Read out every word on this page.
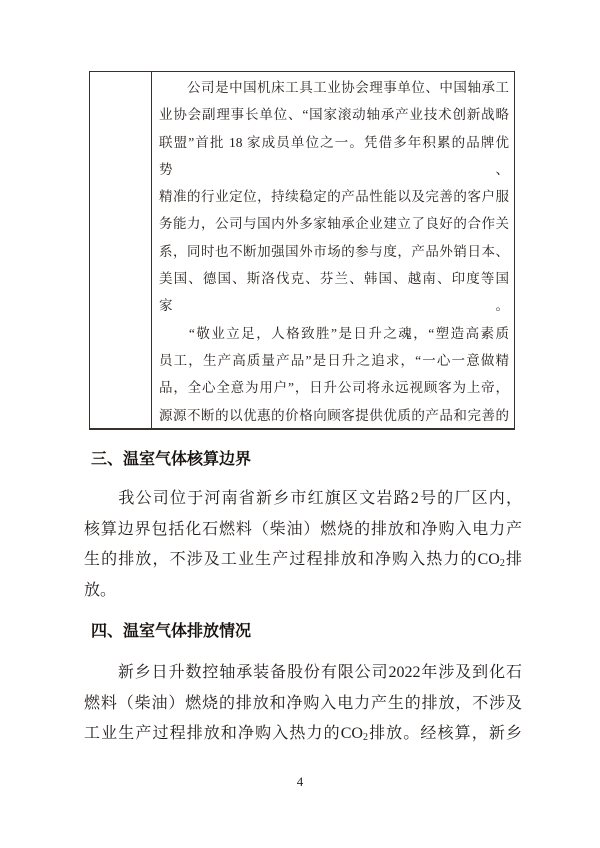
　　公司是中国机床工具工业协会理事单位、中国轴承工
业协会副理事长单位、“国家滚动轴承产业技术创新战略
联盟”首批 18 家成员单位之一。凭借多年积累的品牌优势、
精准的行业定位，持续稳定的产品性能以及完善的客户服
务能力，公司与国内外多家轴承企业建立了良好的合作关
系，同时也不断加强国外市场的参与度，产品外销日本、
美国、德国、斯洛伐克、芬兰、韩国、越南、印度等国家。
　　“敬业立足，人格致胜”是日升之魂，“塑造高素质
员工，生产高质量产品”是日升之追求，“一心一意做精
品，全心全意为用户”，日升公司将永远视顾客为上帝，
源源不断的以优惠的价格向顾客提供优质的产品和完善的
三、温室气体核算边界
　　我公司位于河南省新乡市红旗区文岩路2号的厂区内，
核算边界包括化石燃料（柴油）燃烧的排放和净购入电力产
生的排放，不涉及工业生产过程排放和净购入热力的$CO_2$排
放。
四、温室气体排放情况
　　新乡日升数控轴承装备股份有限公司2022年涉及到化石
燃料（柴油）燃烧的排放和净购入电力产生的排放，不涉及
工业生产过程排放和净购入热力的$CO_2$排放。经核算，新乡
4
